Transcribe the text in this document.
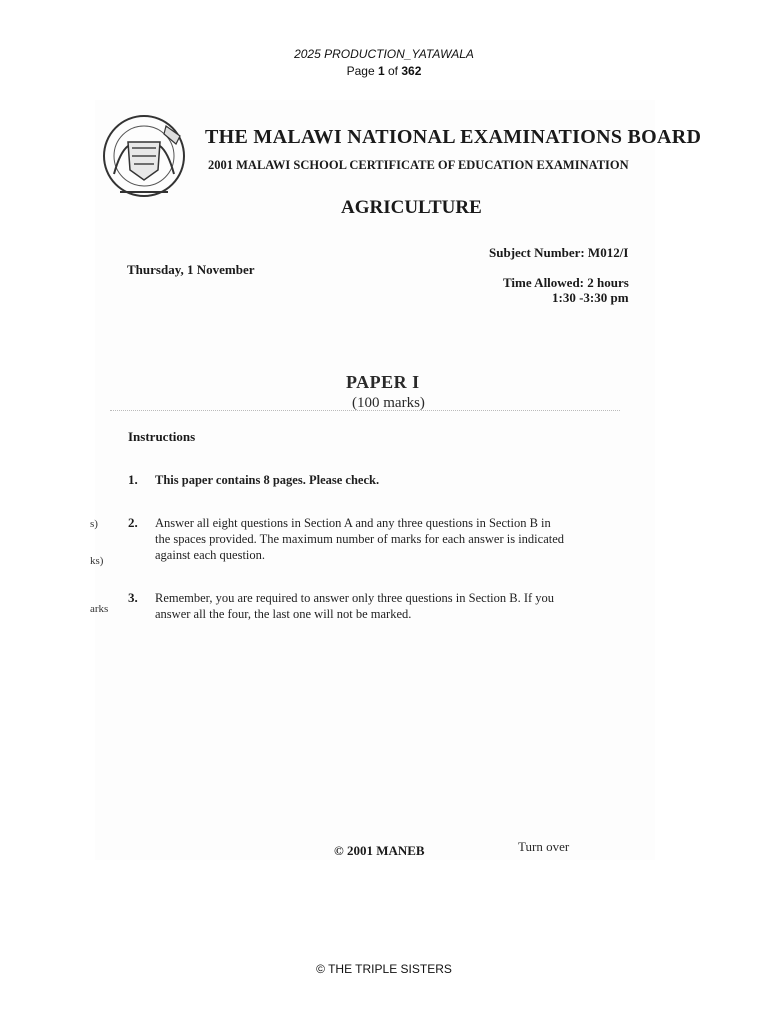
2025 PRODUCTION_YATAWALA
Page 1 of 362
THE MALAWI NATIONAL EXAMINATIONS BOARD
2001 MALAWI SCHOOL CERTIFICATE OF EDUCATION EXAMINATION
AGRICULTURE
Subject Number: M012/I
Thursday, 1 November
Time Allowed: 2 hours
1:30 -3:30 pm
PAPER I
(100 marks)
Instructions
1. This paper contains 8 pages. Please check.
2. Answer all eight questions in Section A and any three questions in Section B in the spaces provided. The maximum number of marks for each answer is indicated against each question.
3. Remember, you are required to answer only three questions in Section B. If you answer all the four, the last one will not be marked.
s)
ks)
arks
© 2001 MANEB	Turn over
© THE TRIPLE SISTERS
